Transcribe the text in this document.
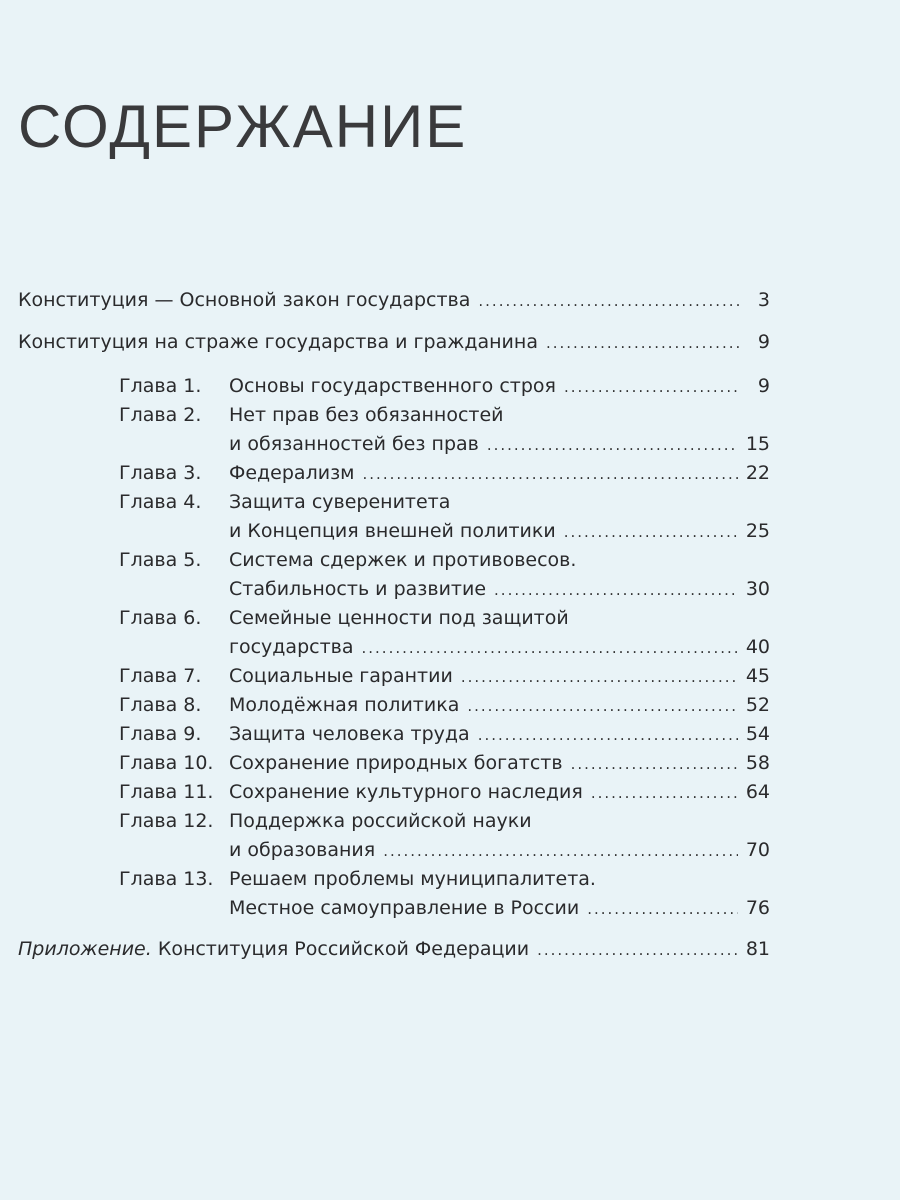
СОДЕРЖАНИЕ
Конституция — Основной закон государства .....	3
Конституция на страже государства и гражданина .....	9
Глава 1. Основы государственного строя .....	9
Глава 2. Нет прав без обязанностей
и обязанностей без прав .....	15
Глава 3. Федерализм .....	22
Глава 4. Защита суверенитета
и Концепция внешней политики .....	25
Глава 5. Система сдержек и противовесов.
Стабильность и развитие .....	30
Глава 6. Семейные ценности под защитой
государства .....	40
Глава 7. Социальные гарантии .....	45
Глава 8. Молодёжная политика .....	52
Глава 9. Защита человека труда .....	54
Глава 10. Сохранение природных богатств .....	58
Глава 11. Сохранение культурного наследия .....	64
Глава 12. Поддержка российской науки
и образования .....	70
Глава 13. Решаем проблемы муниципалитета.
Местное самоуправление в России .....	76
Приложение. Конституция Российской Федерации .....	81
